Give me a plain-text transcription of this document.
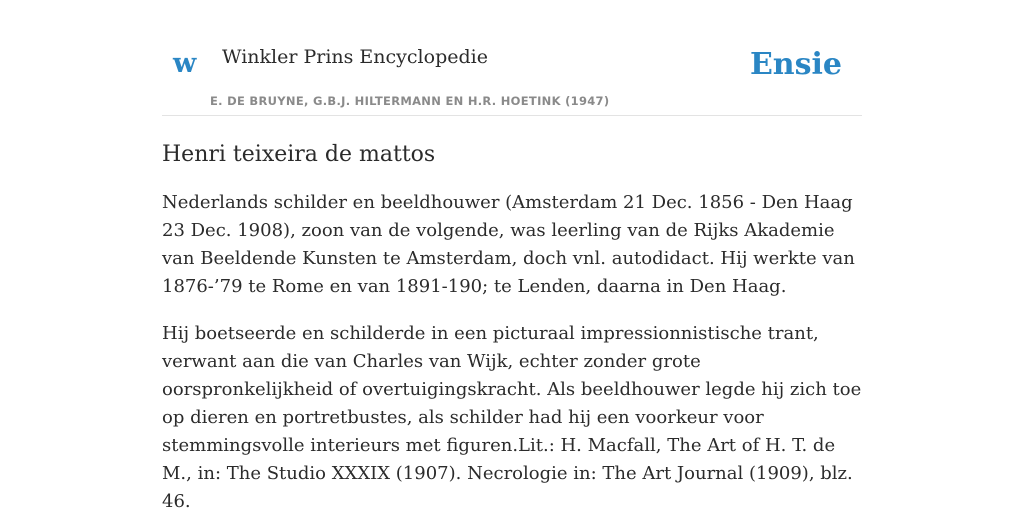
w Winkler Prins Encyclopedie
E. DE BRUYNE, G.B.J. HILTERMANN EN H.R. HOETINK (1947)
Ensie
Henri teixeira de mattos

Nederlands schilder en beeldhouwer (Amsterdam 21 Dec. 1856 - Den Haag 23 Dec. 1908), zoon van de volgende, was leerling van de Rijks Akademie van Beeldende Kunsten te Amsterdam, doch vnl. autodidact. Hij werkte van 1876-’79 te Rome en van 1891-190; te Lenden, daarna in Den Haag.

Hij boetseerde en schilderde in een picturaal impressionnistische trant, verwant aan die van Charles van Wijk, echter zonder grote oorspronkelijkheid of overtuigingskracht. Als beeldhouwer legde hij zich toe op dieren en portretbustes, als schilder had hij een voorkeur voor stemmingsvolle interieurs met figuren.Lit.: H. Macfall, The Art of H. T. de M., in: The Studio XXXIX (1907). Necrologie in: The Art Journal (1909), blz. 46.
